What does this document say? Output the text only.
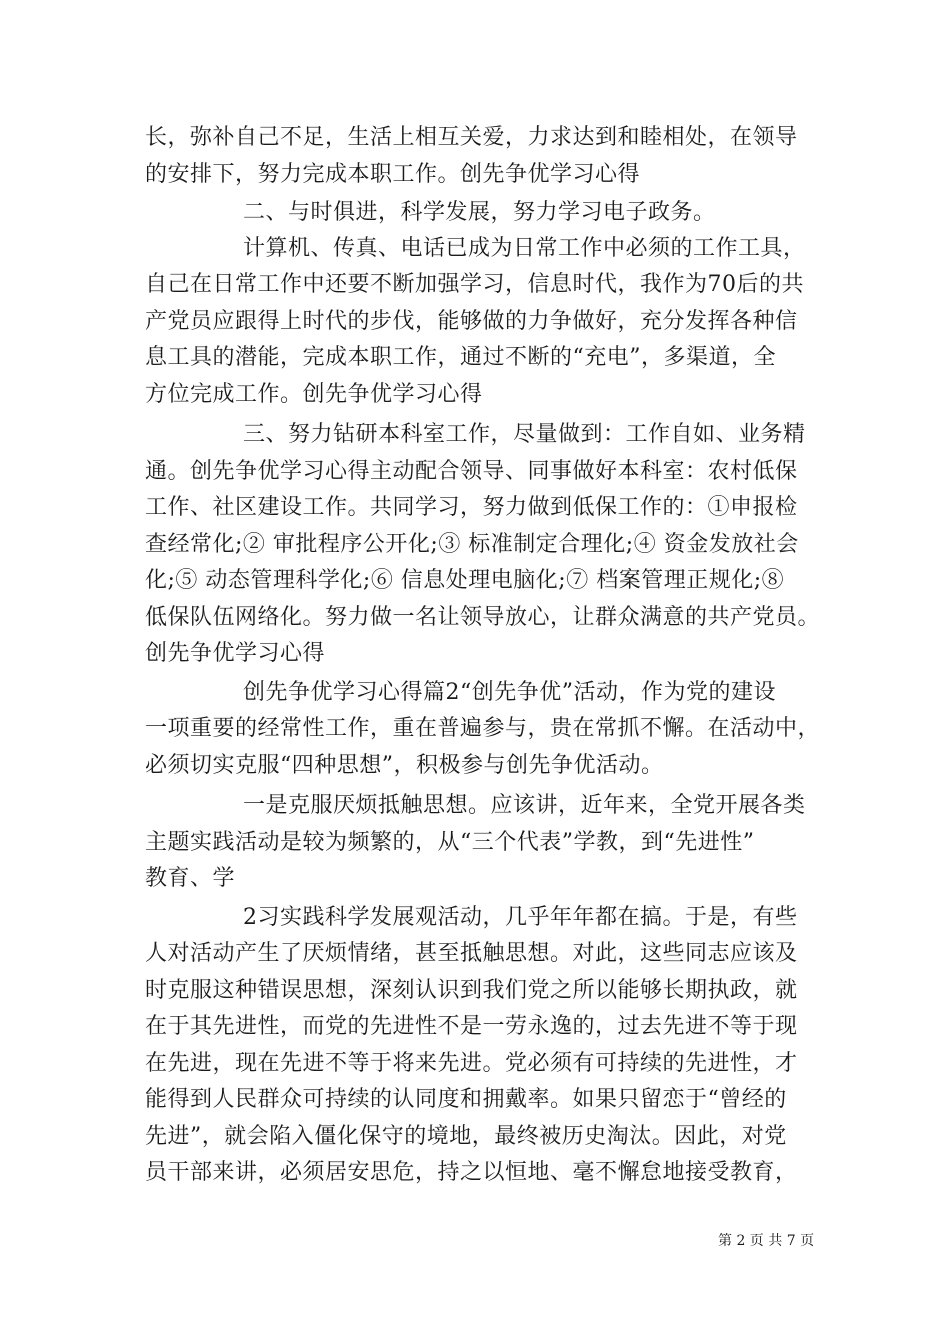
长，弥补自己不足，生活上相互关爱，力求达到和睦相处，在领导
的安排下，努力完成本职工作。创先争优学习心得
二、与时俱进，科学发展，努力学习电子政务。
计算机、传真、电话已成为日常工作中必须的工作工具，
自己在日常工作中还要不断加强学习，信息时代，我作为70后的共
产党员应跟得上时代的步伐，能够做的力争做好，充分发挥各种信
息工具的潜能，完成本职工作，通过不断的“充电”，多渠道，全
方位完成工作。创先争优学习心得
三、努力钻研本科室工作，尽量做到：工作自如、业务精
通。创先争优学习心得主动配合领导、同事做好本科室：农村低保
工作、社区建设工作。共同学习，努力做到低保工作的：①申报检
查经常化;② 审批程序公开化;③ 标准制定合理化;④ 资金发放社会
化;⑤ 动态管理科学化;⑥ 信息处理电脑化;⑦ 档案管理正规化;⑧
低保队伍网络化。努力做一名让领导放心，让群众满意的共产党员。
创先争优学习心得
创先争优学习心得篇2“创先争优”活动，作为党的建设
一项重要的经常性工作，重在普遍参与，贵在常抓不懈。在活动中，
必须切实克服“四种思想”，积极参与创先争优活动。
一是克服厌烦抵触思想。应该讲，近年来，全党开展各类
主题实践活动是较为频繁的，从“三个代表”学教，到“先进性”
教育、学
2习实践科学发展观活动，几乎年年都在搞。于是，有些
人对活动产生了厌烦情绪，甚至抵触思想。对此，这些同志应该及
时克服这种错误思想，深刻认识到我们党之所以能够长期执政，就
在于其先进性，而党的先进性不是一劳永逸的，过去先进不等于现
在先进，现在先进不等于将来先进。党必须有可持续的先进性，才
能得到人民群众可持续的认同度和拥戴率。如果只留恋于“曾经的
先进”，就会陷入僵化保守的境地，最终被历史淘汰。因此，对党
员干部来讲，必须居安思危，持之以恒地、毫不懈怠地接受教育，
第 2 页 共 7 页
